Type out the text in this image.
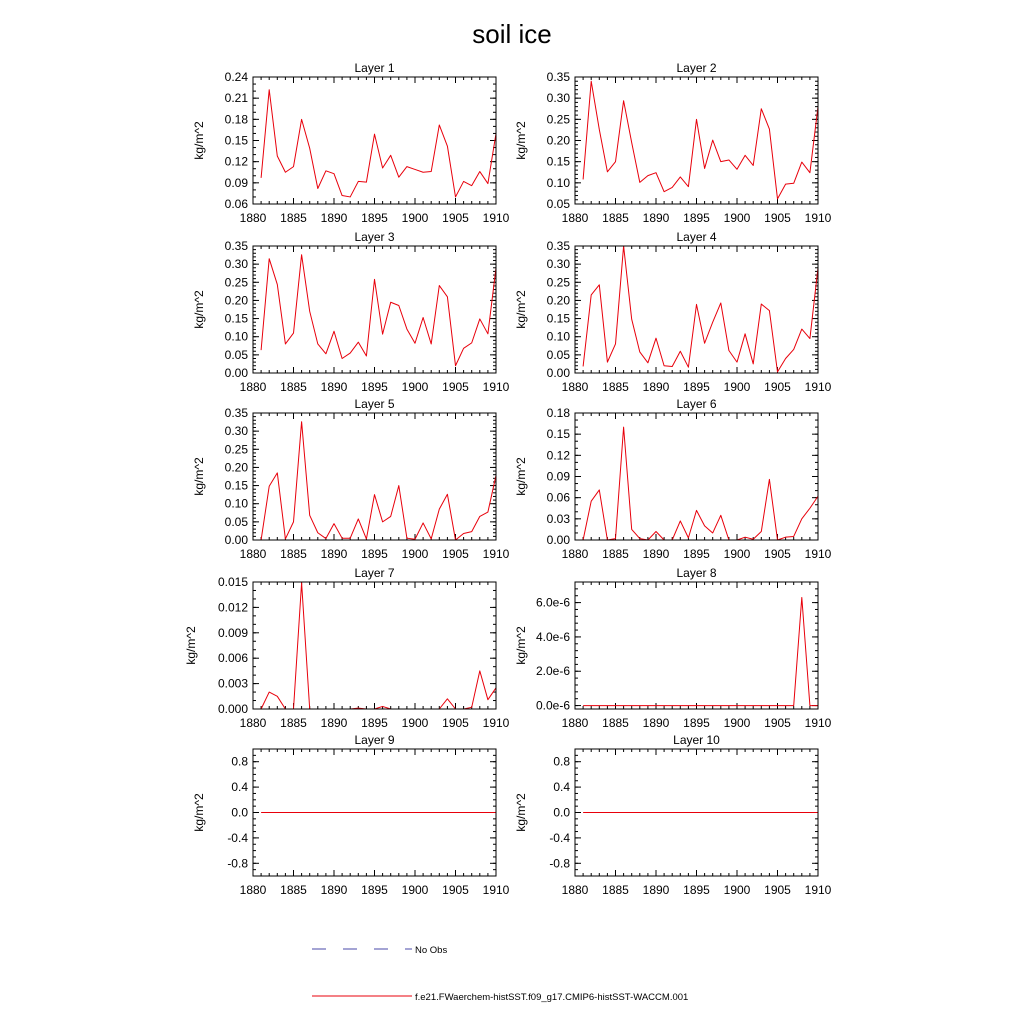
soil ice
Layer 1
1880 1885 1890 1895 1900 1905 1910
0.06
0.09
0.12
0.15
0.18
0.21
0.24
kg/m^2
Layer 2
1880 1885 1890 1895 1900 1905 1910
0.05
0.10
0.15
0.20
0.25
0.30
0.35
kg/m^2
Layer 3
1880 1885 1890 1895 1900 1905 1910
0.00
0.05
0.10
0.15
0.20
0.25
0.30
0.35
kg/m^2
Layer 4
1880 1885 1890 1895 1900 1905 1910
0.00
0.05
0.10
0.15
0.20
0.25
0.30
0.35
kg/m^2
Layer 5
1880 1885 1890 1895 1900 1905 1910
0.00
0.05
0.10
0.15
0.20
0.25
0.30
0.35
kg/m^2
Layer 6
1880 1885 1890 1895 1900 1905 1910
0.00
0.03
0.06
0.09
0.12
0.15
0.18
kg/m^2
Layer 7
1880 1885 1890 1895 1900 1905 1910
0.000
0.003
0.006
0.009
0.012
0.015
kg/m^2
Layer 8
1880 1885 1890 1895 1900 1905 1910
0.0e-6
2.0e-6
4.0e-6
6.0e-6
kg/m^2
Layer 9
1880 1885 1890 1895 1900 1905 1910
-0.8
-0.4
0.0
0.4
0.8
kg/m^2
Layer 10
1880 1885 1890 1895 1900 1905 1910
-0.8
-0.4
0.0
0.4
0.8
kg/m^2
No Obs
f.e21.FWaerchem-histSST.f09_g17.CMIP6-histSST-WACCM.001
